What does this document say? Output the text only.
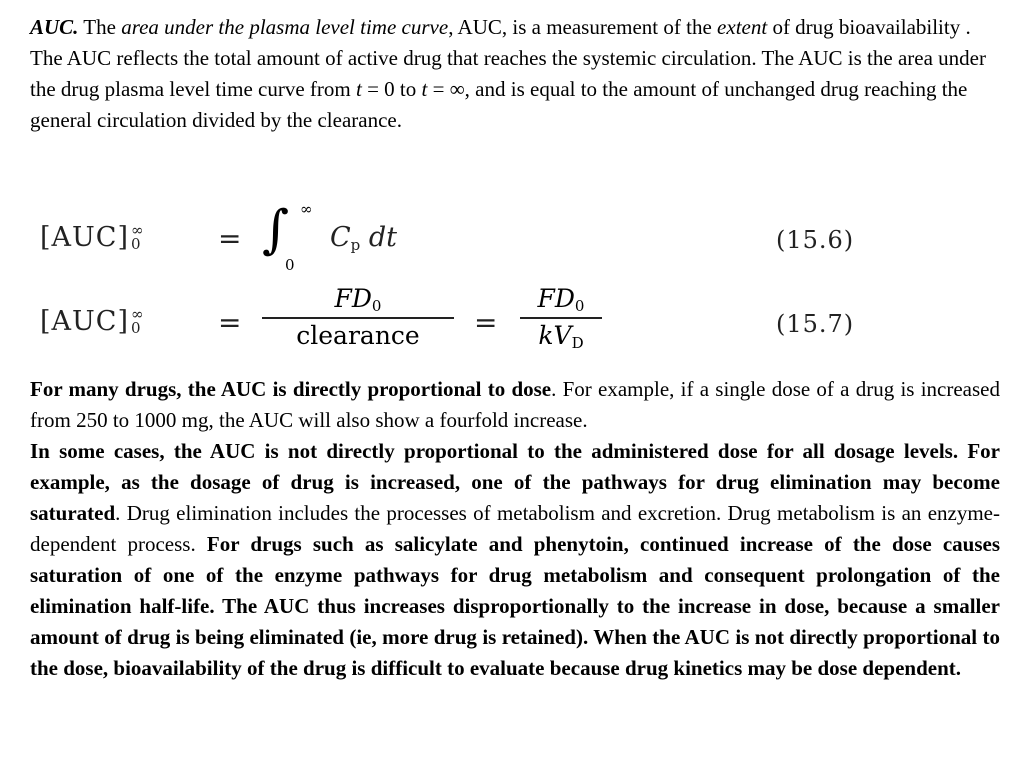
AUC. The area under the plasma level time curve, AUC, is a measurement of the extent of drug bioavailability . The AUC reflects the total amount of active drug that reaches the systemic circulation. The AUC is the area under the drug plasma level time curve from t = 0 to t = ∞, and is equal to the amount of unchanged drug reaching the general circulation divided by the clearance.

[AUC] ∞
0	= ∫ ∞
0
$C_p$ dt	(15.6)
[AUC] ∞
0	=
$FD_0$
clearance	=
$FD_0$
$kV_D$
(15.7)

For many drugs, the AUC is directly proportional to dose. For example, if a single dose of a drug is increased from 250 to 1000 mg, the AUC will also show a fourfold increase.

In some cases, the AUC is not directly proportional to the administered dose for all dosage levels. For example, as the dosage of drug is increased, one of the pathways for drug elimination may become saturated. Drug elimination includes the processes of metabolism and excretion. Drug metabolism is an enzyme-dependent process. For drugs such as salicylate and phenytoin, continued increase of the dose causes saturation of one of the enzyme pathways for drug metabolism and consequent prolongation of the elimination half-life. The AUC thus increases disproportionally to the increase in dose, because a smaller amount of drug is being eliminated (ie, more drug is retained). When the AUC is not directly proportional to the dose, bioavailability of the drug is difficult to evaluate because drug kinetics may be dose dependent.
